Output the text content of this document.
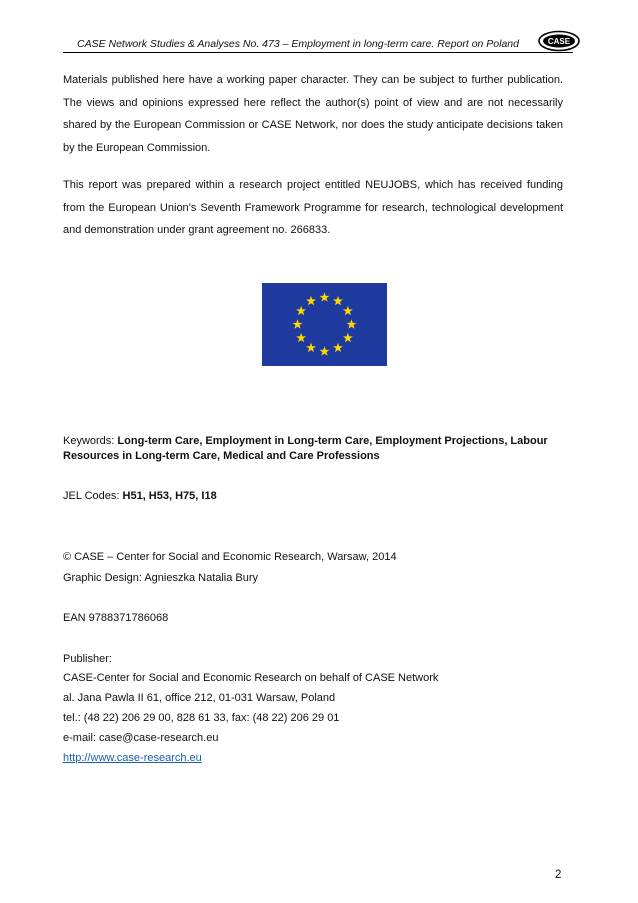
CASE Network Studies & Analyses No. 473 – Employment in long-term care. Report on Poland	CASE
Materials published here have a working paper character. They can be subject to further publication. The views and opinions expressed here reflect the author(s) point of view and are not necessarily shared by the European Commission or CASE Network, nor does the study anticipate decisions taken by the European Commission.
This report was prepared within a research project entitled NEUJOBS, which has received funding from the European Union’s Seventh Framework Programme for research, technological development and demonstration under grant agreement no. 266833.
Keywords: Long-term Care, Employment in Long-term Care, Employment Projections, Labour Resources in Long-term Care, Medical and Care Professions
JEL Codes: H51, H53, H75, I18
© CASE – Center for Social and Economic Research, Warsaw, 2014
Graphic Design: Agnieszka Natalia Bury
EAN 9788371786068
Publisher:
CASE-Center for Social and Economic Research on behalf of CASE Network
al. Jana Pawla II 61, office 212, 01-031 Warsaw, Poland
tel.: (48 22) 206 29 00, 828 61 33, fax: (48 22) 206 29 01
e-mail: case@case-research.eu
http://www.case-research.eu
2
